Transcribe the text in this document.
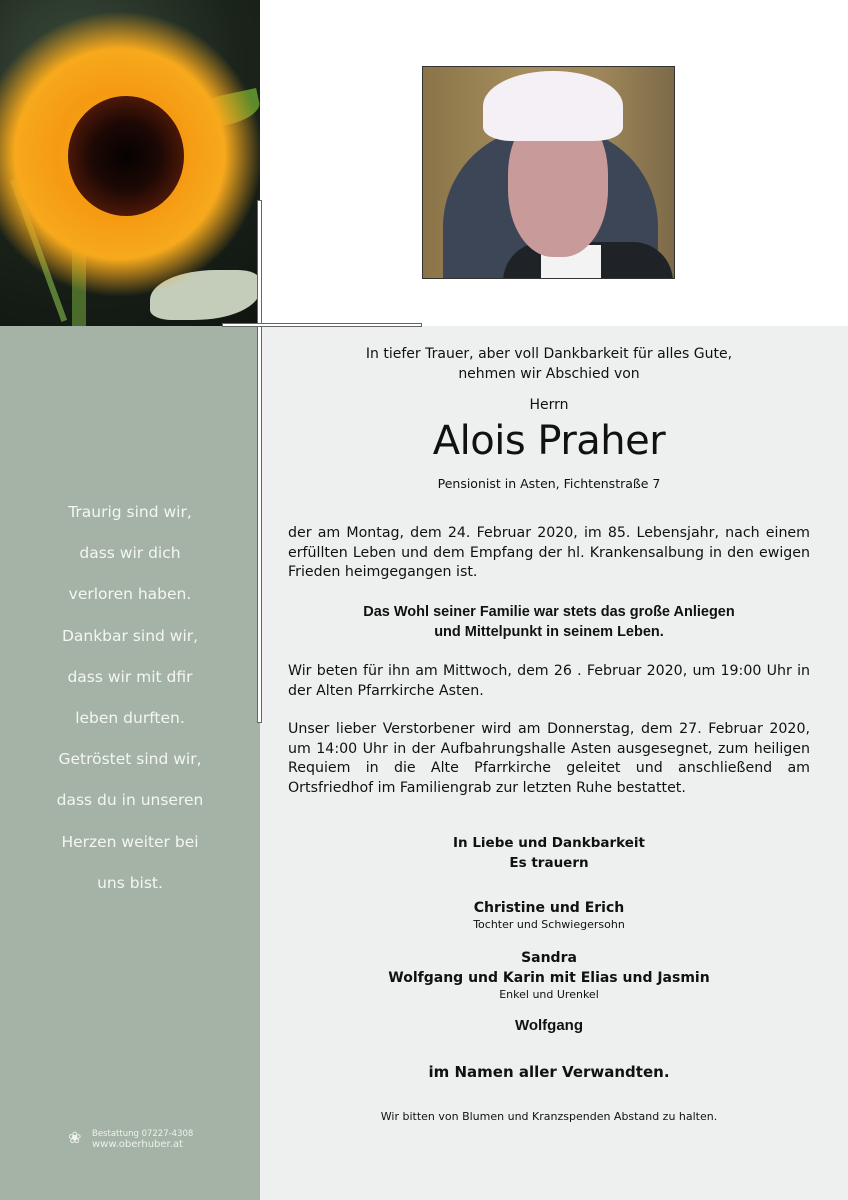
Traurig sind wir,
dass wir dich
verloren haben.
Dankbar sind wir,
dass wir mit dfir
leben durften.
Getröstet sind wir,
dass du in unseren
Herzen weiter bei
uns bist.
❀	Bestattung 07227-4308
www.oberhuber.at
In tiefer Trauer, aber voll Dankbarkeit für alles Gute,
nehmen wir Abschied von
Herrn
Alois Praher
Pensionist in Asten, Fichtenstraße 7
der am Montag, dem 24. Februar 2020, im 85. Lebensjahr, nach einem erfüllten Leben und dem Empfang der hl. Krankensalbung in den ewigen Frieden heimgegangen ist.
Das Wohl seiner Familie war stets das große Anliegen
und Mittelpunkt in seinem Leben.
Wir beten für ihn am Mittwoch, dem 26 . Februar 2020, um 19:00 Uhr in der Alten Pfarrkirche Asten.
Unser lieber Verstorbener wird am Donnerstag, dem 27. Februar 2020, um 14:00 Uhr in der Aufbahrungshalle Asten ausgesegnet, zum heiligen Requiem in die Alte Pfarrkirche geleitet und anschließend am Ortsfriedhof im Familiengrab zur letzten Ruhe bestattet.
In Liebe und Dankbarkeit
Es trauern
Christine und Erich
Tochter und Schwiegersohn
Sandra
Wolfgang und Karin mit Elias und Jasmin
Enkel und Urenkel
Wolfgang
im Namen aller Verwandten.
Wir bitten von Blumen und Kranzspenden Abstand zu halten.
